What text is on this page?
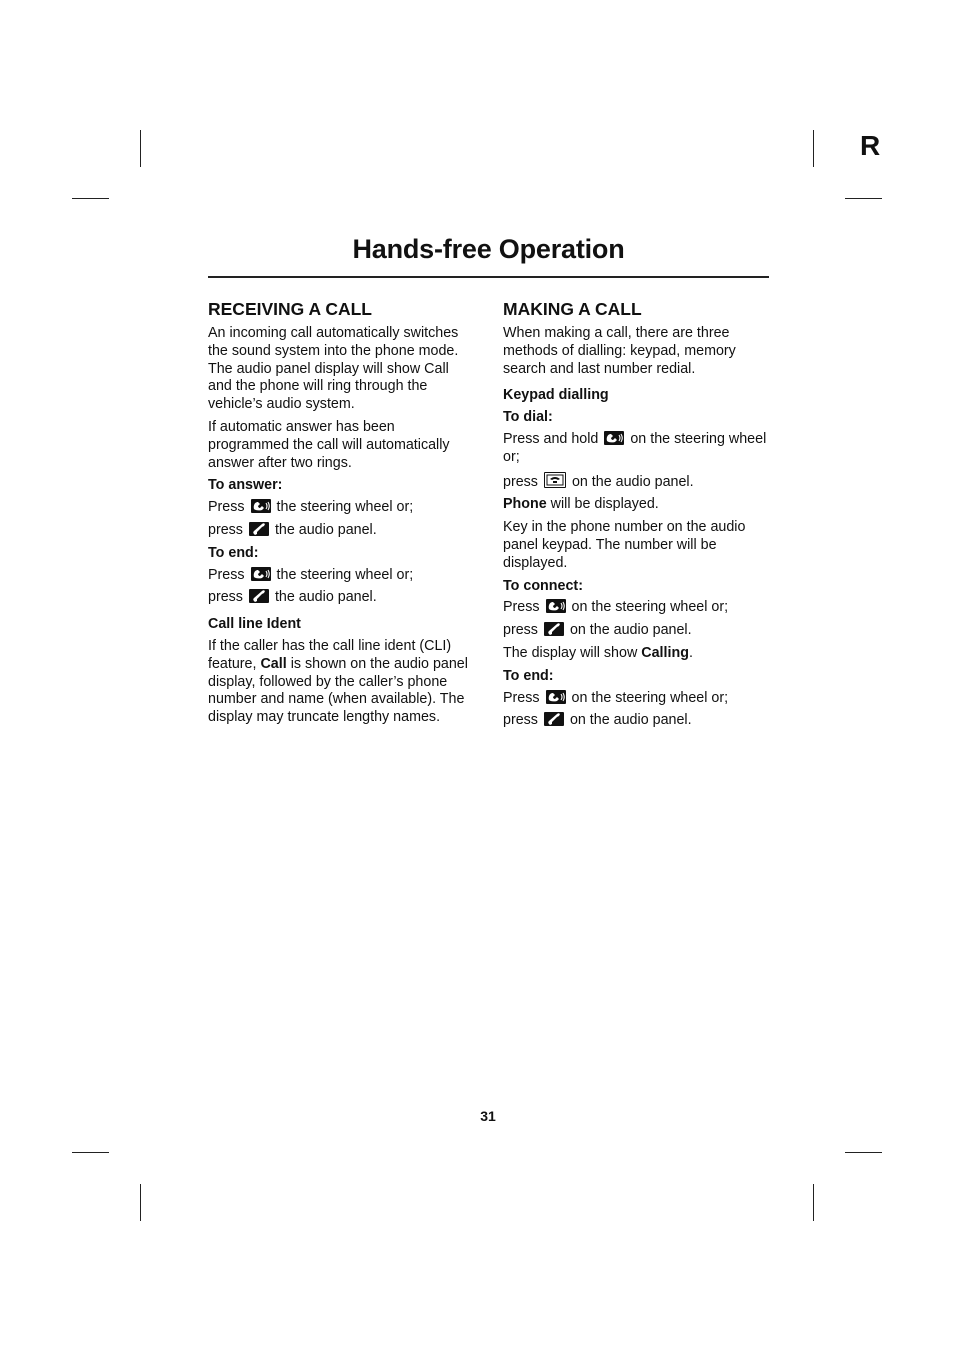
R
Hands-free Operation
RECEIVING A CALL

An incoming call automatically switches the sound system into the phone mode. The audio panel display will show Call and the phone will ring through the vehicle’s audio system.

If automatic answer has been programmed the call will automatically answer after two rings.

To answer:
Press the steering wheel or;
press the audio panel.
To end:
Press the steering wheel or;
press the audio panel.
Call line Ident

If the caller has the call line ident (CLI) feature, Call is shown on the audio panel display, followed by the caller’s phone number and name (when available). The display may truncate lengthy names.

MAKING A CALL

When making a call, there are three methods of dialling: keypad, memory search and last number redial.

Keypad dialling
To dial:
Press and hold on the steering wheel or;
press on the audio panel.
Phone will be displayed.

Key in the phone number on the audio panel keypad. The number will be displayed.

To connect:
Press on the steering wheel or;
press on the audio panel.
The display will show Calling.
To end:
Press on the steering wheel or;
press on the audio panel.
31
